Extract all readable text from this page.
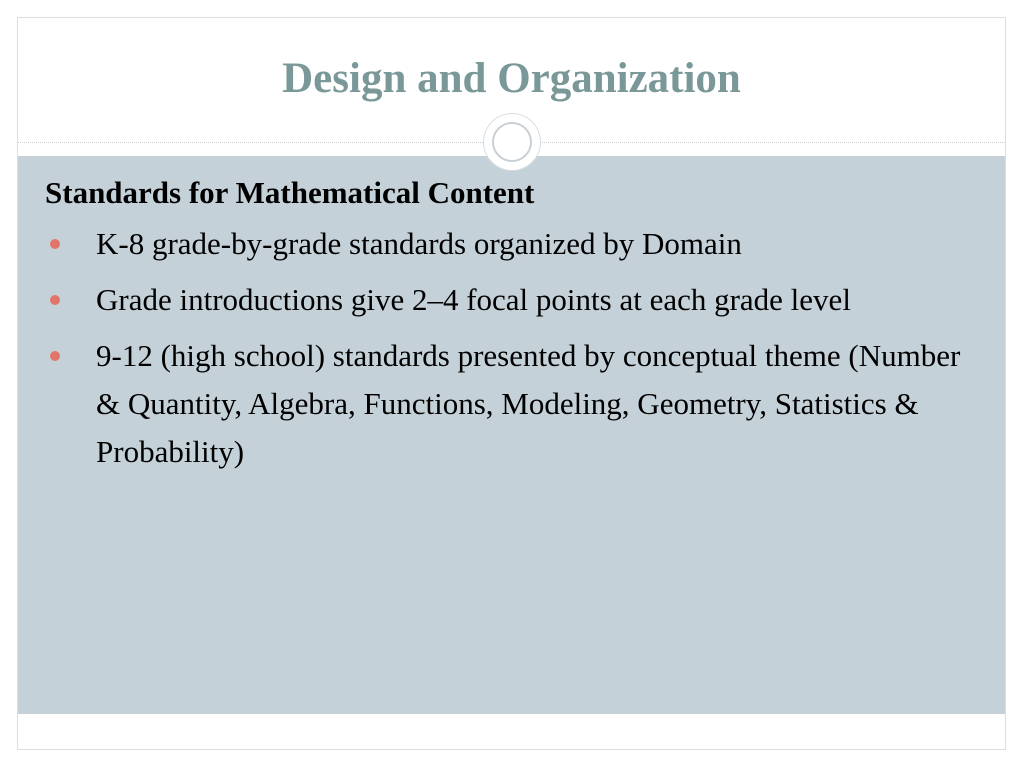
Design and Organization

Standards for Mathematical Content

K-8 grade-by-grade standards organized by Domain
Grade introductions give 2–4 focal points at each grade level
9-12 (high school) standards presented by conceptual theme (Number & Quantity, Algebra, Functions, Modeling, Geometry, Statistics & Probability)
